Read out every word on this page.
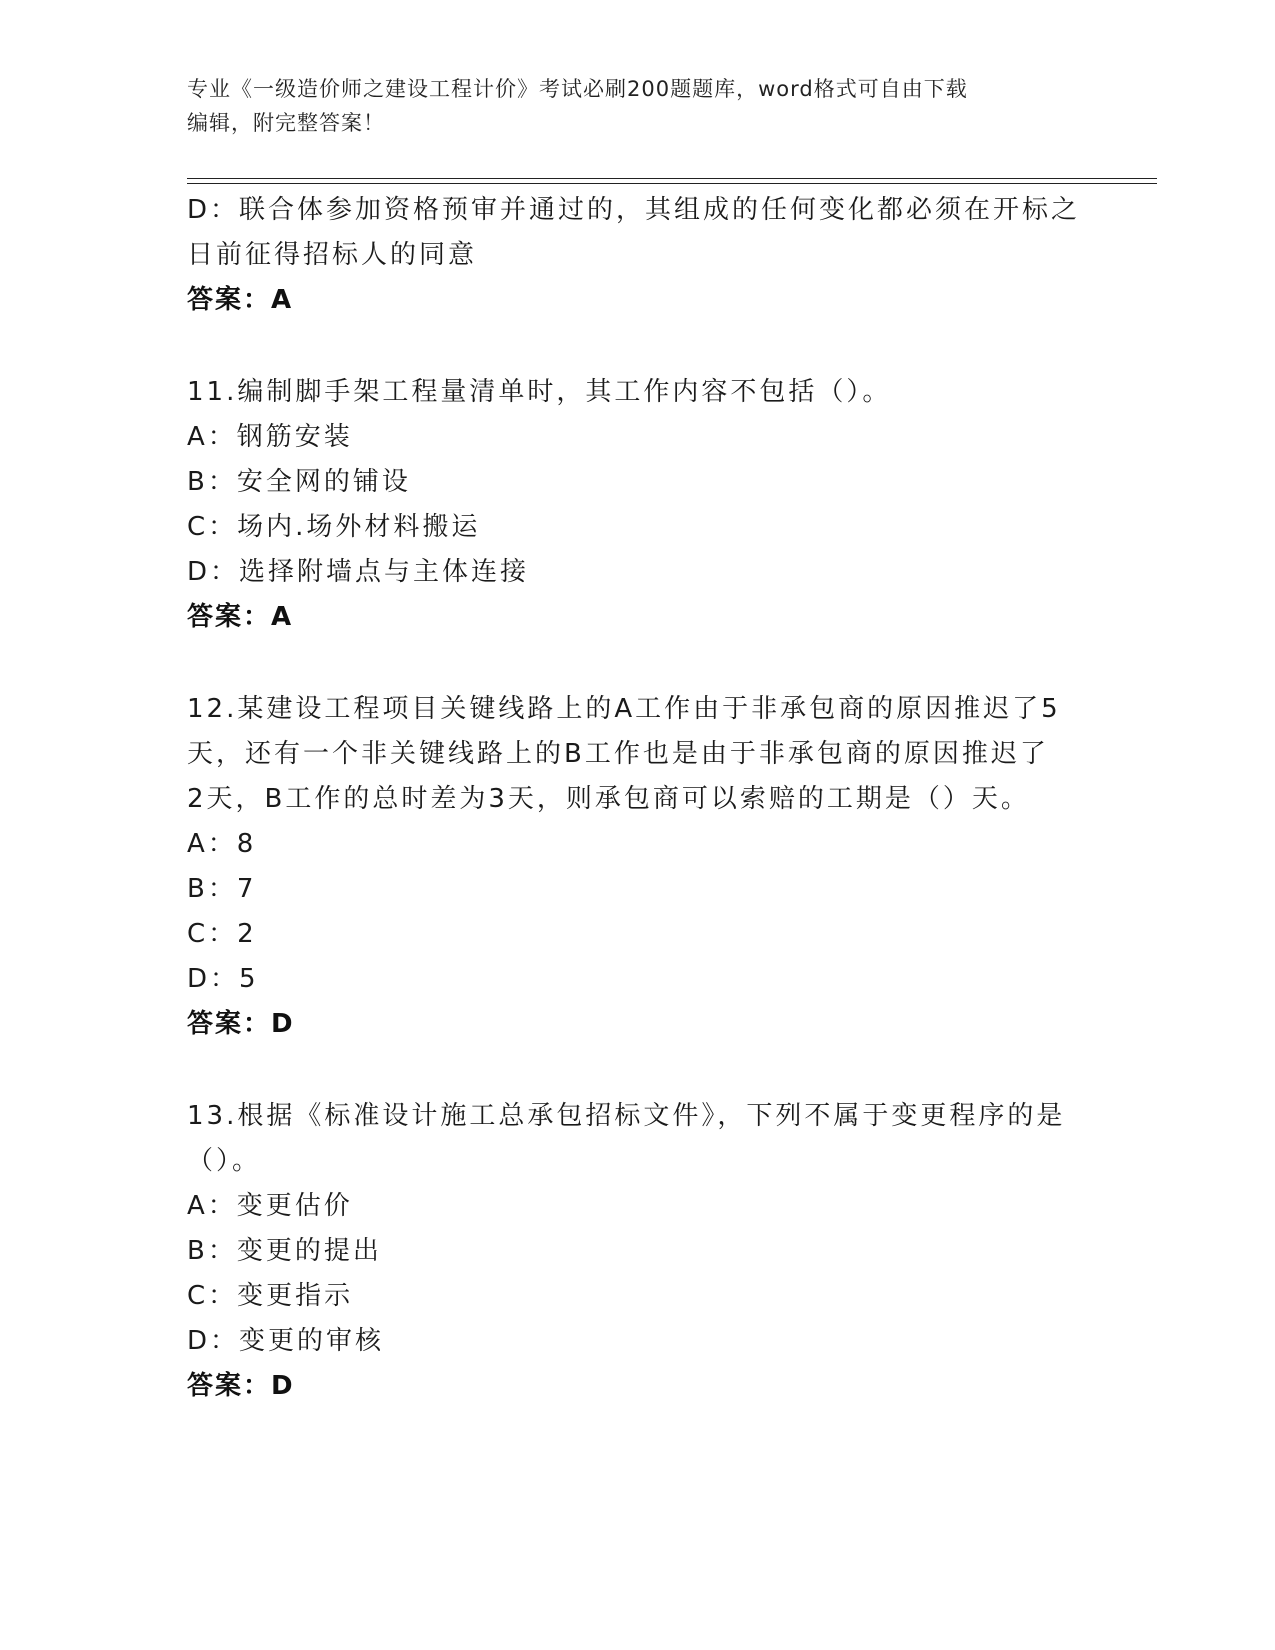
专业《一级造价师之建设工程计价》考试必刷200题题库，word格式可自由下载
编辑，附完整答案！
D：联合体参加资格预审并通过的，其组成的任何变化都必须在开标之
日前征得招标人的同意
答案：A
11.编制脚手架工程量清单时，其工作内容不包括（）。
A：钢筋安装
B：安全网的铺设
C：场内.场外材料搬运
D：选择附墙点与主体连接
答案：A
12.某建设工程项目关键线路上的A工作由于非承包商的原因推迟了5
天，还有一个非关键线路上的B工作也是由于非承包商的原因推迟了
2天，B工作的总时差为3天，则承包商可以索赔的工期是（）天。
A：8
B：7
C：2
D：5
答案：D
13.根据《标准设计施工总承包招标文件》，下列不属于变更程序的是
（）。
A：变更估价
B：变更的提出
C：变更指示
D：变更的审核
答案：D
